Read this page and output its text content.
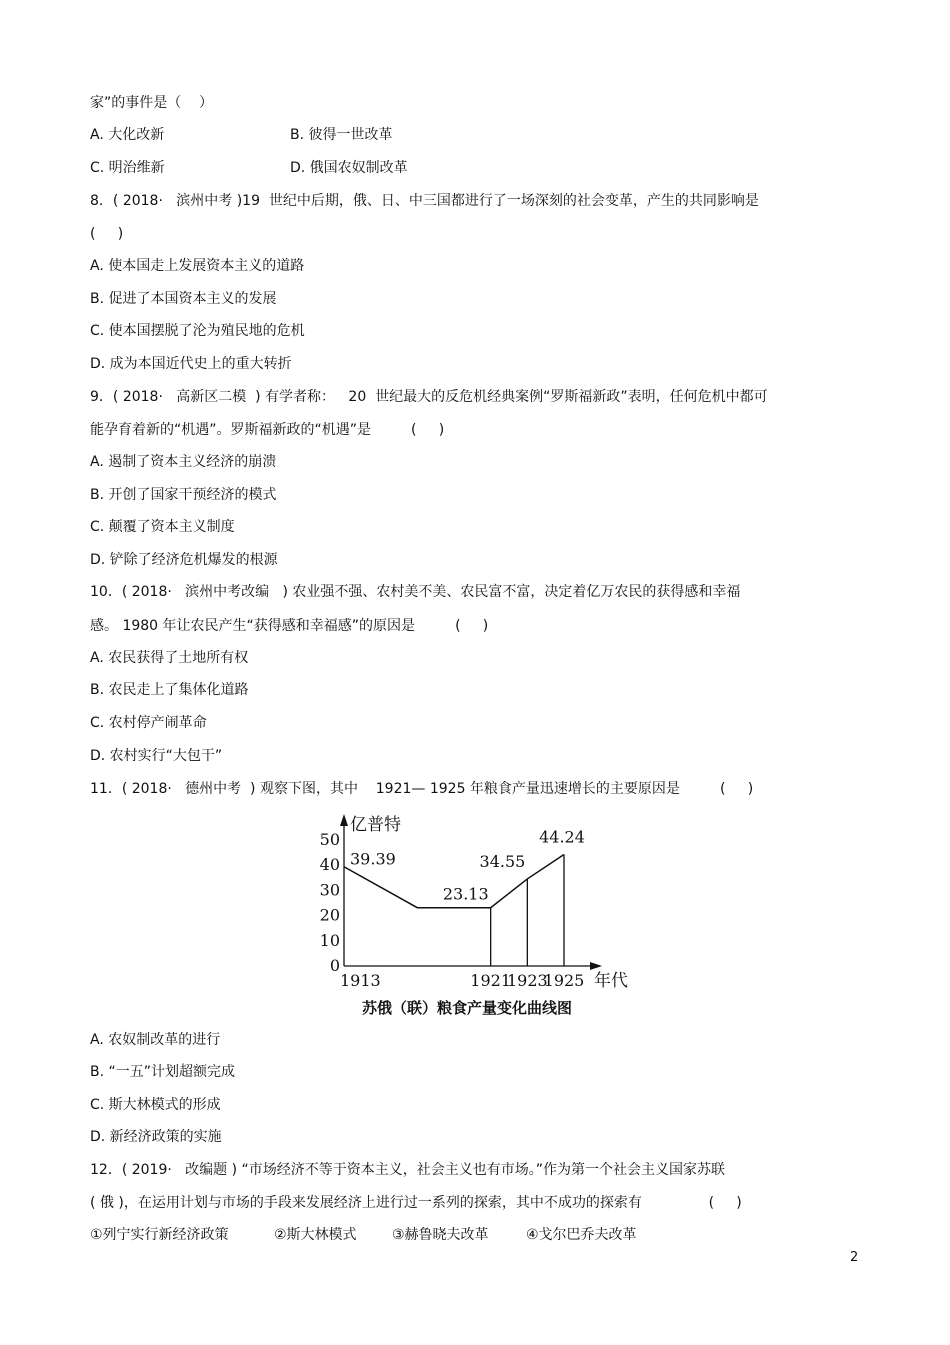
家”的事件是（    ）
A. 大化改新	B. 彼得一世改革
C. 明治维新	D. 俄国农奴制改革
8．( 2018·   滨州中考 )19  世纪中后期，俄、日、中三国都进行了一场深刻的社会变革，产生的共同影响是
(     )
A. 使本国走上发展资本主义的道路
B. 促进了本国资本主义的发展
C. 使本国摆脱了沦为殖民地的危机
D. 成为本国近代史上的重大转折
9．( 2018·   高新区二模  ) 有学者称：   20  世纪最大的反危机经典案例“罗斯福新政”表明，任何危机中都可
能孕育着新的“机遇”。罗斯福新政的“机遇”是         (     )
A. 遏制了资本主义经济的崩溃
B. 开创了国家干预经济的模式
C. 颠覆了资本主义制度
D. 铲除了经济危机爆发的根源
10．( 2018·   滨州中考改编   ) 农业强不强、农村美不美、农民富不富，决定着亿万农民的获得感和幸福
感。 1980 年让农民产生“获得感和幸福感”的原因是         (     )
A. 农民获得了土地所有权
B. 农民走上了集体化道路
C. 农村停产闹革命
D. 农村实行“大包干”
11．( 2018·   德州中考  ) 观察下图，其中    1921— 1925 年粮食产量迅速增长的主要原因是         (     )
亿普特
年代
苏俄（联）粮食产量变化曲线图
0
10
20
30
40
50
1913	1921
1923
1925
39.39
23.13
34.55
44.24
A. 农奴制改革的进行
B. “一五”计划超额完成
C. 斯大林模式的形成
D. 新经济政策的实施
12．( 2019·   改编题 ) “市场经济不等于资本主义，社会主义也有市场。”作为第一个社会主义国家苏联
( 俄 )，在运用计划与市场的手段来发展经济上进行过一系列的探索，其中不成功的探索有               (     )
①列宁实行新经济政策	②斯大林模式	③赫鲁晓夫改革	④戈尔巴乔夫改革
2
